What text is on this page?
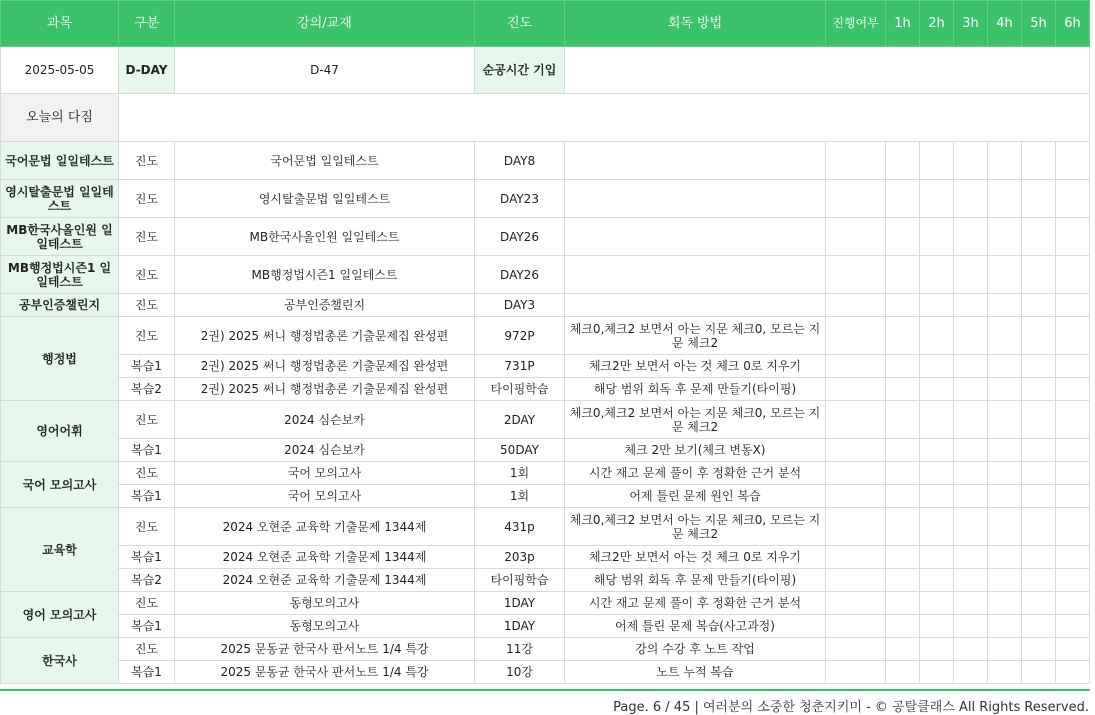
2025-05-05	D-DAY	D-47	순공시간 기입								
과목	구분	강의/교재	진도	회독 방법	진행여부	1h	2h	3h	4h	5h	6h
오늘의 다짐											
국어문법 일일테스트	진도	국어문법 일일테스트	DAY8								
영시탈출문법 일일테스트	진도	영시탈출문법 일일테스트	DAY23								
MB한국사올인원 일일테스트	진도	MB한국사올인원 일일테스트	DAY26								
MB행정법시즌1 일일테스트	진도	MB행정법시즌1 일일테스트	DAY26								
공부인증챌린지	진도	공부인증챌린지	DAY3								
행정법	진도	2권) 2025 써니 행정법총론 기출문제집 완성편	972P	체크0,체크2 보면서 아는 지문 체크0, 모르는 지문 체크2							
	복습1	2권) 2025 써니 행정법총론 기출문제집 완성편	731P	체크2만 보면서 아는 것 체크 0로 지우기							
	복습2	2권) 2025 써니 행정법총론 기출문제집 완성편	타이핑학습	해당 범위 회독 후 문제 만들기(타이핑)							
영어어휘	진도	2024 심슨보카	2DAY	체크0,체크2 보면서 아는 지문 체크0, 모르는 지문 체크2							
	복습1	2024 심슨보카	50DAY	체크 2만 보기(체크 변동X)							
국어 모의고사	진도	국어 모의고사	1회	시간 재고 문제 풀이 후 정확한 근거 분석							
	복습1	국어 모의고사	1회	어제 틀린 문제 원인 복습							
교육학	진도	2024 오현준 교육학 기출문제 1344제	431p	체크0,체크2 보면서 아는 지문 체크0, 모르는 지문 체크2							
	복습1	2024 오현준 교육학 기출문제 1344제	203p	체크2만 보면서 아는 것 체크 0로 지우기							
	복습2	2024 오현준 교육학 기출문제 1344제	타이핑학습	해당 범위 회독 후 문제 만들기(타이핑)							
영어 모의고사	진도	동형모의고사	1DAY	시간 재고 문제 풀이 후 정확한 근거 분석							
	복습1	동형모의고사	1DAY	어제 틀린 문제 복습(사고과정)							
한국사	진도	2025 문동균 한국사 판서노트 1/4 특강	11강	강의 수강 후 노트 작업							
	복습1	2025 문동균 한국사 판서노트 1/4 특강	10강	노트 누적 복습							
Page. 6 / 45 | 여러분의 소중한 청춘지키미 - © 공탈클래스 All Rights Reserved.
